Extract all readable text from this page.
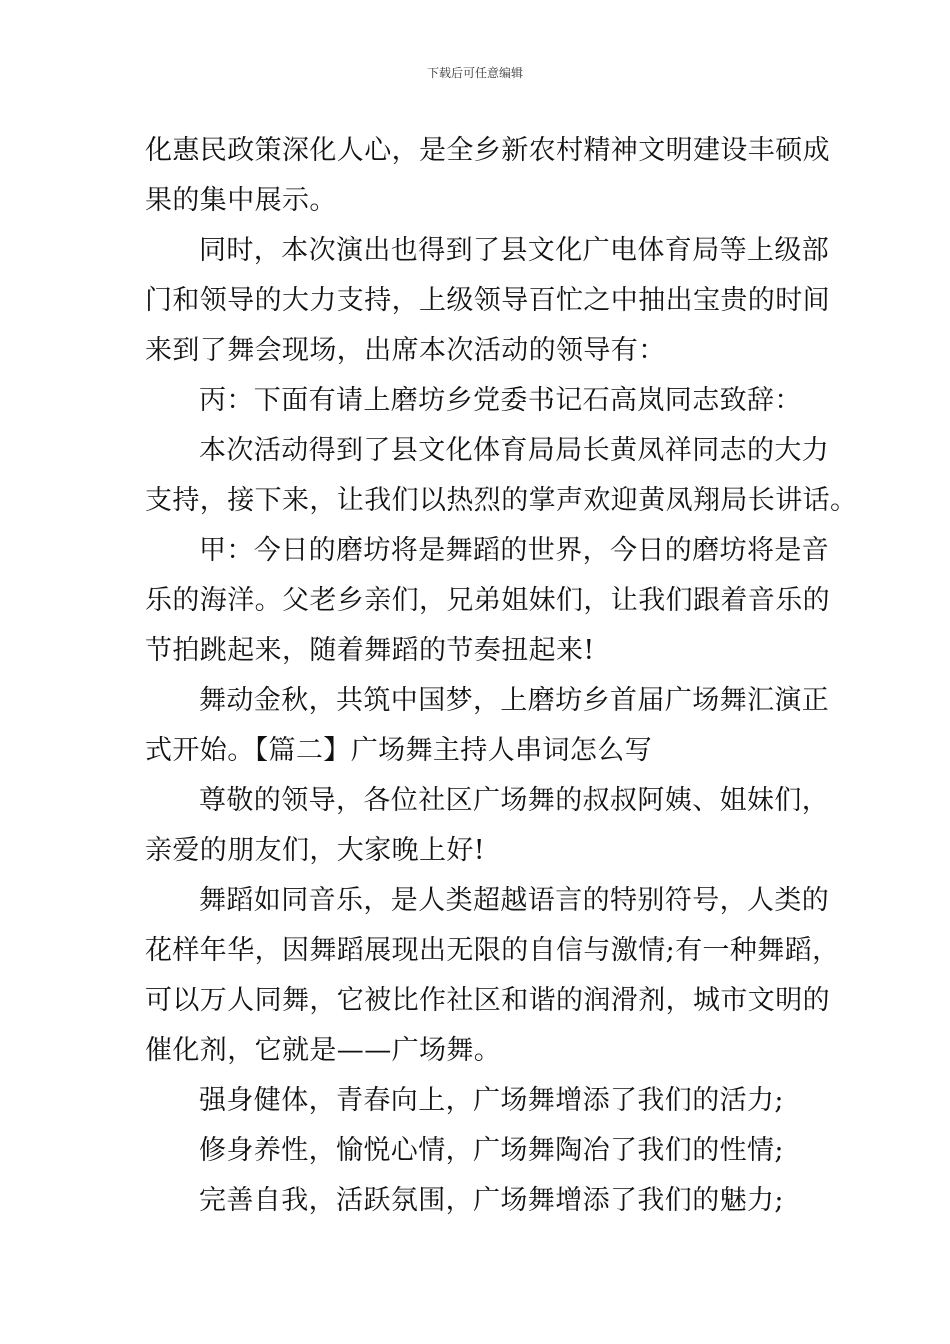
下载后可任意编辑

化惠民政策深化人心，是全乡新农村精神文明建设丰硕成

果的集中展示。

同时，本次演出也得到了县文化广电体育局等上级部

门和领导的大力支持，上级领导百忙之中抽出宝贵的时间

来到了舞会现场，出席本次活动的领导有：

丙：下面有请上磨坊乡党委书记石高岚同志致辞：

本次活动得到了县文化体育局局长黄凤祥同志的大力

支持，接下来，让我们以热烈的掌声欢迎黄凤翔局长讲话。

甲：今日的磨坊将是舞蹈的世界，今日的磨坊将是音

乐的海洋。父老乡亲们，兄弟姐妹们，让我们跟着音乐的

节拍跳起来，随着舞蹈的节奏扭起来!

舞动金秋，共筑中国梦，上磨坊乡首届广场舞汇演正

式开始。【篇二】广场舞主持人串词怎么写

尊敬的领导，各位社区广场舞的叔叔阿姨、姐妹们，

亲爱的朋友们，大家晚上好!

舞蹈如同音乐，是人类超越语言的特别符号，人类的

花样年华，因舞蹈展现出无限的自信与激情;有一种舞蹈，

可以万人同舞，它被比作社区和谐的润滑剂，城市文明的

催化剂，它就是——广场舞。

强身健体，青春向上，广场舞增添了我们的活力;

修身养性，愉悦心情，广场舞陶冶了我们的性情;

完善自我，活跃氛围，广场舞增添了我们的魅力;
